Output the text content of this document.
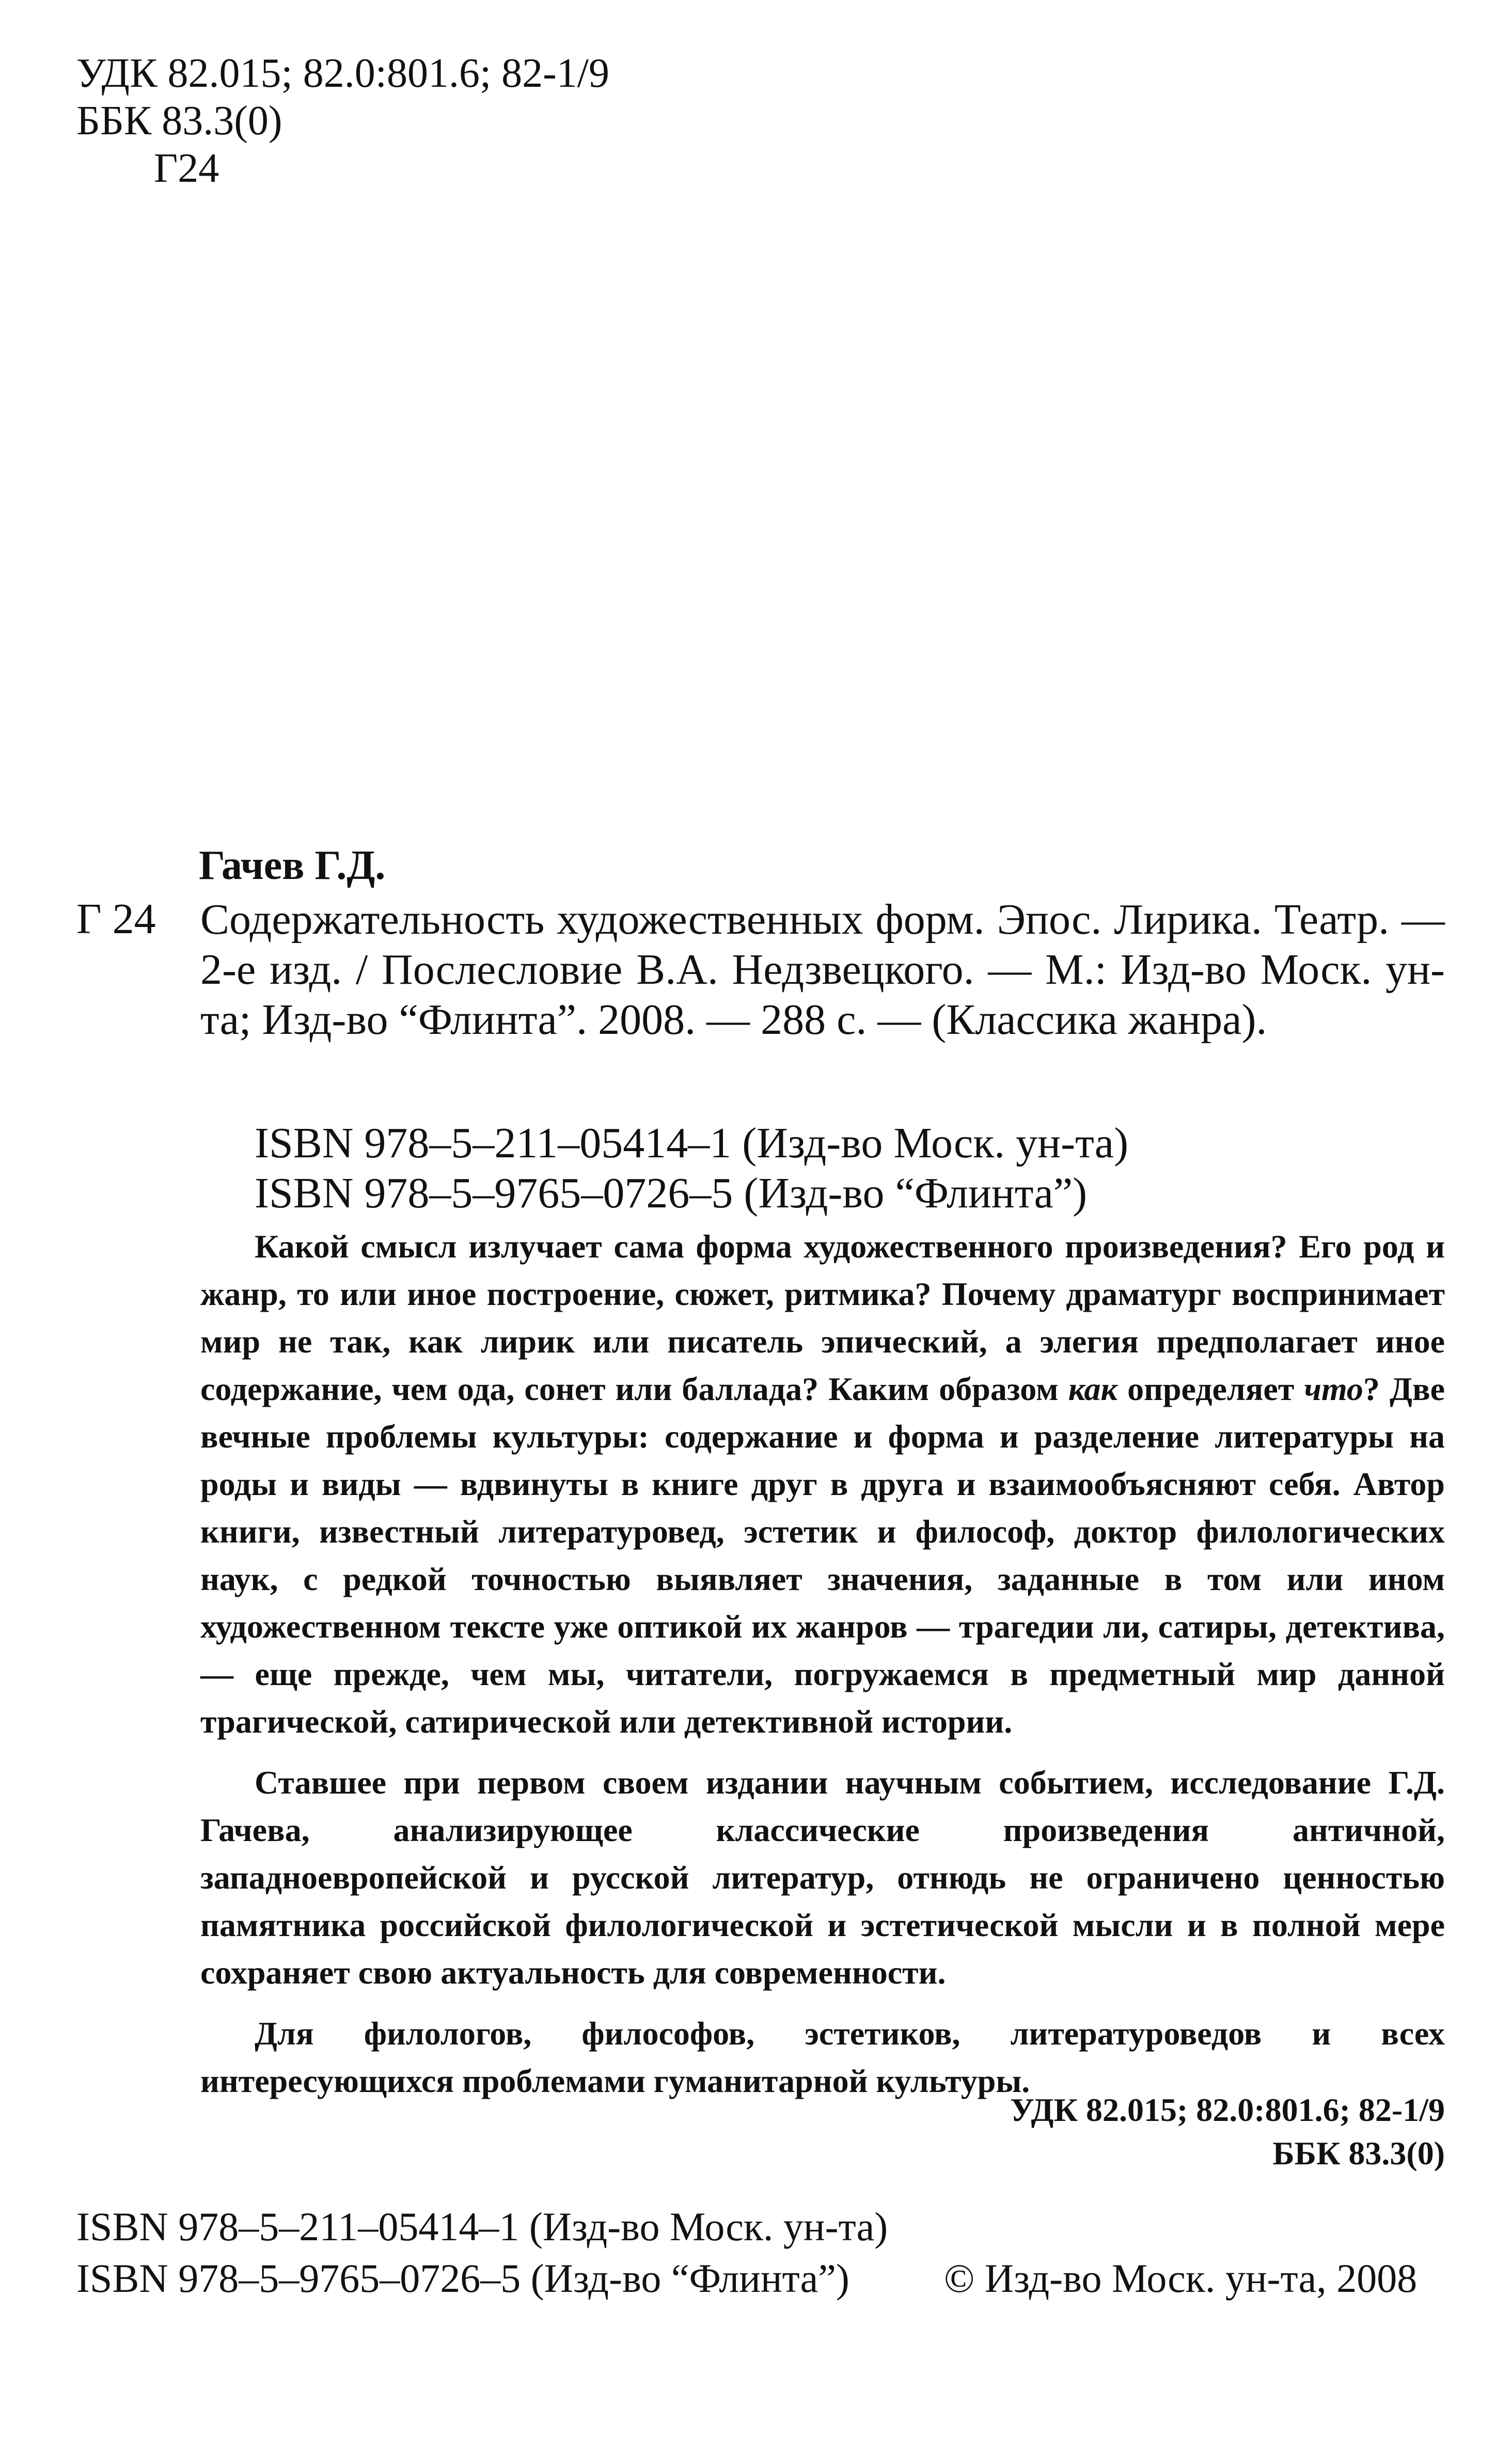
УДК 82.015; 82.0:801.6; 82-1/9
ББК 83.3(0)
Г24
Гачев Г.Д.
Г 24 Содержательность художественных форм. Эпос. Лирика. Театр. — 2-е изд. / Послесловие В.А. Недзвецкого. — М.: Изд-во Моск. ун-та; Изд-во “Флинта”. 2008. — 288 с. — (Классика жанра).
ISBN 978–5–211–05414–1 (Изд-во Моск. ун-та)
ISBN 978–5–9765–0726–5 (Изд-во “Флинта”)

Какой смысл излучает сама форма художественного произведения? Его род и жанр, то или иное построение, сюжет, ритмика? Почему драматург воспринимает мир не так, как лирик или писатель эпический, а элегия предполагает иное содержание, чем ода, сонет или баллада? Каким образом как определяет что? Две вечные проблемы культуры: содержание и форма и разделение литературы на роды и виды — вдвинуты в книге друг в друга и взаимообъясняют себя. Автор книги, известный литературовед, эстетик и философ, доктор филологических наук, с редкой точностью выявляет значения, заданные в том или ином художественном тексте уже оптикой их жанров — трагедии ли, сатиры, детектива, — еще прежде, чем мы, читатели, погружаемся в предметный мир данной трагической, сатирической или детективной истории.

Ставшее при первом своем издании научным событием, исследование Г.Д. Гачева, анализирующее классические произведения античной, западноевропейской и русской литератур, отнюдь не ограничено ценностью памятника российской филологической и эстетической мысли и в полной мере сохраняет свою актуальность для современности.

Для филологов, философов, эстетиков, литературоведов и всех интересующихся проблемами гуманитарной культуры.

УДК 82.015; 82.0:801.6; 82-1/9
ББК 83.3(0)
ISBN 978–5–211–05414–1 (Изд-во Моск. ун-та)
ISBN 978–5–9765–0726–5 (Изд-во “Флинта”) © Изд-во Моск. ун-та, 2008
